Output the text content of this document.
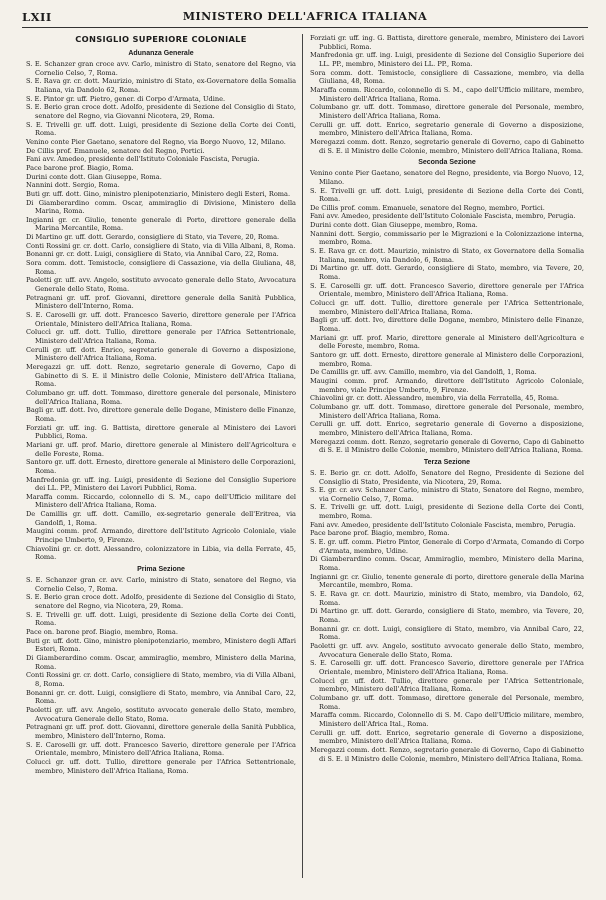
LXII	MINISTERO DELL'AFRICA ITALIANA
CONSIGLIO SUPERIORE COLONIALE
Adunanza Generale

S. E. Schanzer gran croce avv. Carlo, ministro di Stato, senatore del Regno, via Cornelio Celso, 7, Roma.

S. E. Rava gr. cr. dott. Maurizio, ministro di Stato, ex-Governatore della Somalia Italiana, via Dandolo 62, Roma.

S. E. Pintor gr. uff. Pietro, gener. di Corpo d'Armata, Udine.

S. E. Berio gran croce dott. Adolfo, presidente di Sezione del Consiglio di Stato, senatore del Regno, via Giovanni Nicotera, 29, Roma.

S. E. Trivelli gr. uff. dott. Luigi, presidente di Sezione della Corte dei Conti, Roma.

Venino conte Pier Gaetano, senatore del Regno, via Borgo Nuovo, 12, Milano.

De Cillis prof. Emanuele, senatore del Regno, Portici.

Fani avv. Amedeo, presidente dell'Istituto Coloniale Fascista, Perugia.

Pace barone prof. Biagio, Roma.

Durini conte dott. Gian Giuseppe, Roma.

Nannini dott. Sergio, Roma.

Buti gr. uff. dott. Gino, ministro plenipotenziario, Ministero degli Esteri, Roma.

Di Giamberardino comm. Oscar, ammiraglio di Divisione, Ministero della Marina, Roma.

Ingianni gr. cr. Giulio, tenente generale di Porto, direttore generale della Marina Mercantile, Roma.

Di Martino gr. uff. dott. Gerardo, consigliere di Stato, via Tevere, 20, Roma.

Conti Rossini gr. cr. dott. Carlo, consigliere di Stato, via di Villa Albani, 8, Roma.

Bonanni gr. cr. dott. Luigi, consigliere di Stato, via Annibal Caro, 22, Roma.

Sora comm. dott. Temistocle, consigliere di Cassazione, via della Giuliana, 48, Roma.

Paoletti gr. uff. avv. Angelo, sostituto avvocato generale dello Stato, Avvocatura Generale dello Stato, Roma.

Petragnani gr. uff. prof. Giovanni, direttore generale della Sanità Pubblica, Ministero dell'Interno, Roma.

S. E. Caroselli gr. uff. dott. Francesco Saverio, direttore generale per l'Africa Orientale, Ministero dell'Africa Italiana, Roma.

Coluccì gr. uff. dott. Tullio, direttore generale per l'Africa Settentrionale, Ministero dell'Africa Italiana, Roma.

Cerulli gr. uff. dott. Enrico, segretario generale di Governo a disposizione, Ministero dell'Africa Italiana, Roma.

Meregazzi gr. uff. dott. Renzo, segretario generale di Governo, Capo di Gabinetto di S. E. il Ministro delle Colonie, Ministero dell'Africa Italiana, Roma.

Columbano gr. uff. dott. Tommaso, direttore generale del personale, Ministero dell'Africa Italiana, Roma.

Bagli gr. uff. dott. Ivo, direttore generale delle Dogane, Ministero delle Finanze, Roma.

Forziati gr. uff. ing. G. Battista, direttore generale al Ministero dei Lavori Pubblici, Roma.

Mariani gr. uff. prof. Mario, direttore generale al Ministero dell'Agricoltura e delle Foreste, Roma.

Santoro gr. uff. dott. Ernesto, direttore generale al Ministero delle Corporazioni, Roma.

Manfredonia gr. uff. ing. Luigi, presidente di Sezione del Consiglio Superiore dei LL. PP., Ministero dei Lavori Pubblici, Roma.

Maraffa comm. Riccardo, colonnello di S. M., capo dell'Ufficio militare del Ministero dell'Africa Italiana, Roma.

De Camillis gr. uff. dott. Camillo, ex-segretario generale dell'Eritrea, via Gandolfi, 1, Roma.

Maugini comm. prof. Armando, direttore dell'Istituto Agricolo Coloniale, viale Principe Umberto, 9, Firenze.

Chiavolini gr. cr. dott. Alessandro, colonizzatore in Libia, via della Ferrate, 45, Roma.

Prima Sezione

S. E. Schanzer gran cr. avv. Carlo, ministro di Stato, senatore del Regno, via Cornelio Celso, 7, Roma.

S. E. Berio gran croce dott. Adolfo, presidente di Sezione del Consiglio di Stato, senatore del Regno, via Nicotera, 29, Roma.

S. E. Trivelli gr. uff. dott. Luigi, presidente di Sezione della Corte dei Conti, Roma.

Pace on. barone prof. Biagio, membro, Roma.

Buti gr. uff. dott. Gino, ministro plenipotenziario, membro, Ministero degli Affari Esteri, Roma.

Di Giamberardino comm. Oscar, ammiraglio, membro, Ministero della Marina, Roma.

Conti Rossini gr. cr. dott. Carlo, consigliere di Stato, membro, via di Villa Albani, 8, Roma.

Bonanni gr. cr. dott. Luigi, consigliere di Stato, membro, via Annibal Caro, 22, Roma.

Paoletti gr. uff. avv. Angelo, sostituto avvocato generale dello Stato, membro, Avvocatura Generale dello Stato, Roma.

Petragnani gr. uff. prof. dott. Giovanni, direttore generale della Sanità Pubblica, membro, Ministero dell'Interno, Roma.

S. E. Caroselli gr. uff. dott. Francesco Saverio, direttore generale per l'Africa Orientale, membro, Ministero dell'Africa Italiana, Roma.

Coluccì gr. uff. dott. Tullio, direttore generale per l'Africa Settentrionale, membro, Ministero dell'Africa Italiana, Roma.

Forziati gr. uff. ing. G. Battista, direttore generale, membro, Ministero dei Lavori Pubblici, Roma.

Manfredonia gr. uff. ing. Luigi, presidente di Sezione del Consiglio Superiore dei LL. PP., membro, Ministero dei LL. PP., Roma.

Sora comm. dott. Temistocle, consigliere di Cassazione, membro, via della Giuliana, 48, Roma.

Maraffa comm. Riccardo, colonnello di S. M., capo dell'Ufficio militare, membro, Ministero dell'Africa Italiana, Roma.

Columbano gr. uff. dott. Tommaso, direttore generale del Personale, membro, Ministero dell'Africa Italiana, Roma.

Cerulli gr. uff. dott. Enrico, segretario generale di Governo a disposizione, membro, Ministero dell'Africa Italiana, Roma.

Meregazzi comm. dott. Renzo, segretario generale di Governo, capo di Gabinetto di S. E. il Ministro delle Colonie, membro, Ministero dell'Africa Italiana, Roma.

Seconda Sezione

Venino conte Pier Gaetano, senatore del Regno, presidente, via Borgo Nuovo, 12, Milano.

S. E. Trivelli gr. uff. dott. Luigi, presidente di Sezione della Corte dei Conti, Roma.

De Cillis prof. comm. Emanuele, senatore del Regno, membro, Portici.

Fani avv. Amedeo, presidente dell'Istituto Coloniale Fascista, membro, Perugia.

Durini conte dott. Gian Giuseppe, membro, Roma.

Nannini dott. Sergio, commissario per le Migrazioni e la Colonizzazione interna, membro, Roma.

S. E. Rava gr. cr. dott. Maurizio, ministro di Stato, ex Governatore della Somalia Italiana, membro, via Dandolo, 6, Roma.

Di Martino gr. uff. dott. Gerardo, consigliere di Stato, membro, via Tevere, 20, Roma.

S. E. Caroselli gr. uff. dott. Francesco Saverio, direttore generale per l'Africa Orientale, membro, Ministero dell'Africa Italiana, Roma.

Coluccì gr. uff. dott. Tullio, direttore generale per l'Africa Settentrionale, membro, Ministero dell'Africa Italiana, Roma.

Bagli gr. uff. dott. Ivo, direttore delle Dogane, membro, Ministero delle Finanze, Roma.

Mariani gr. uff. prof. Mario, direttore generale al Ministero dell'Agricoltura e delle Foreste, membro, Roma.

Santoro gr. uff. dott. Ernesto, direttore generale al Ministero delle Corporazioni, membro, Roma.

De Camillis gr. uff. avv. Camillo, membro, via del Gandolfi, 1, Roma.

Maugini comm. prof. Armando, direttore dell'Istituto Agricolo Coloniale, membro, viale Principe Umberto, 9, Firenze.

Chiavolini gr. cr. dott. Alessandro, membro, via della Ferratella, 45, Roma.

Columbano gr. uff. dott. Tommaso, direttore generale del Personale, membro, Ministero dell'Africa Italiana, Roma.

Cerulli gr. uff. dott. Enrico, segretario generale di Governo a disposizione, membro, Ministero dell'Africa Italiana, Roma.

Meregazzi comm. dott. Renzo, segretario generale di Governo, Capo di Gabinetto di S. E. il Ministro delle Colonie, membro, Ministero dell'Africa Italiana, Roma.

Terza Sezione

S. E. Berio gr. cr. dott. Adolfo, Senatore del Regno, Presidente di Sezione del Consiglio di Stato, Presidente, via Nicotera, 29, Roma.

S. E. gr. cr. avv. Schanzer Carlo, ministro di Stato, Senatore del Regno, membro, via Cornelio Celso, 7, Roma.

S. E. Trivelli gr. uff. dott. Luigi, presidente di Sezione della Corte dei Conti, membro, Roma.

Fani avv. Amedeo, presidente dell'Istituto Coloniale Fascista, membro, Perugia.

Pace barone prof. Biagio, membro, Roma.

S. E. gr. uff. comm. Pietro Pintor, Generale di Corpo d'Armata, Comando di Corpo d'Armata, membro, Udine.

Di Giamberardino comm. Oscar, Ammiraglio, membro, Ministero della Marina, Roma.

Ingianni gr. cr. Giulio, tenente generale di porto, direttore generale della Marina Mercantile, membro, Roma.

S. E. Rava gr. cr. dott. Maurizio, ministro di Stato, membro, via Dandolo, 62, Roma.

Di Martino gr. uff. dott. Gerardo, consigliere di Stato, membro, via Tevere, 20, Roma.

Bonanni gr. cr. dott. Luigi, consigliere di Stato, membro, via Annibal Caro, 22, Roma.

Paoletti gr. uff. avv. Angelo, sostituto avvocato generale dello Stato, membro, Avvocatura Generale dello Stato, Roma.

S. E. Caroselli gr. uff. dott. Francesco Saverio, direttore generale per l'Africa Orientale, membro, Ministero dell'Africa Italiana, Roma.

Coluccì gr. uff. dott. Tullio, direttore generale per l'Africa Settentrionale, membro, Ministero dell'Africa Italiana, Roma.

Columbano gr. uff. dott. Tommaso, direttore generale del Personale, membro, Roma.

Maraffa comm. Riccardo, Colonnello di S. M. Capo dell'Ufficio militare, membro, Ministero dell'Africa Ital., Roma.

Cerulli gr. uff. dott. Enrico, segretario generale di Governo a disposizione, membro, Ministero dell'Africa Italiana, Roma.

Meregazzi comm. dott. Renzo, segretario generale di Governo, Capo di Gabinetto di S. E. il Ministro delle Colonie, membro, Ministero dell'Africa Italiana, Roma.
